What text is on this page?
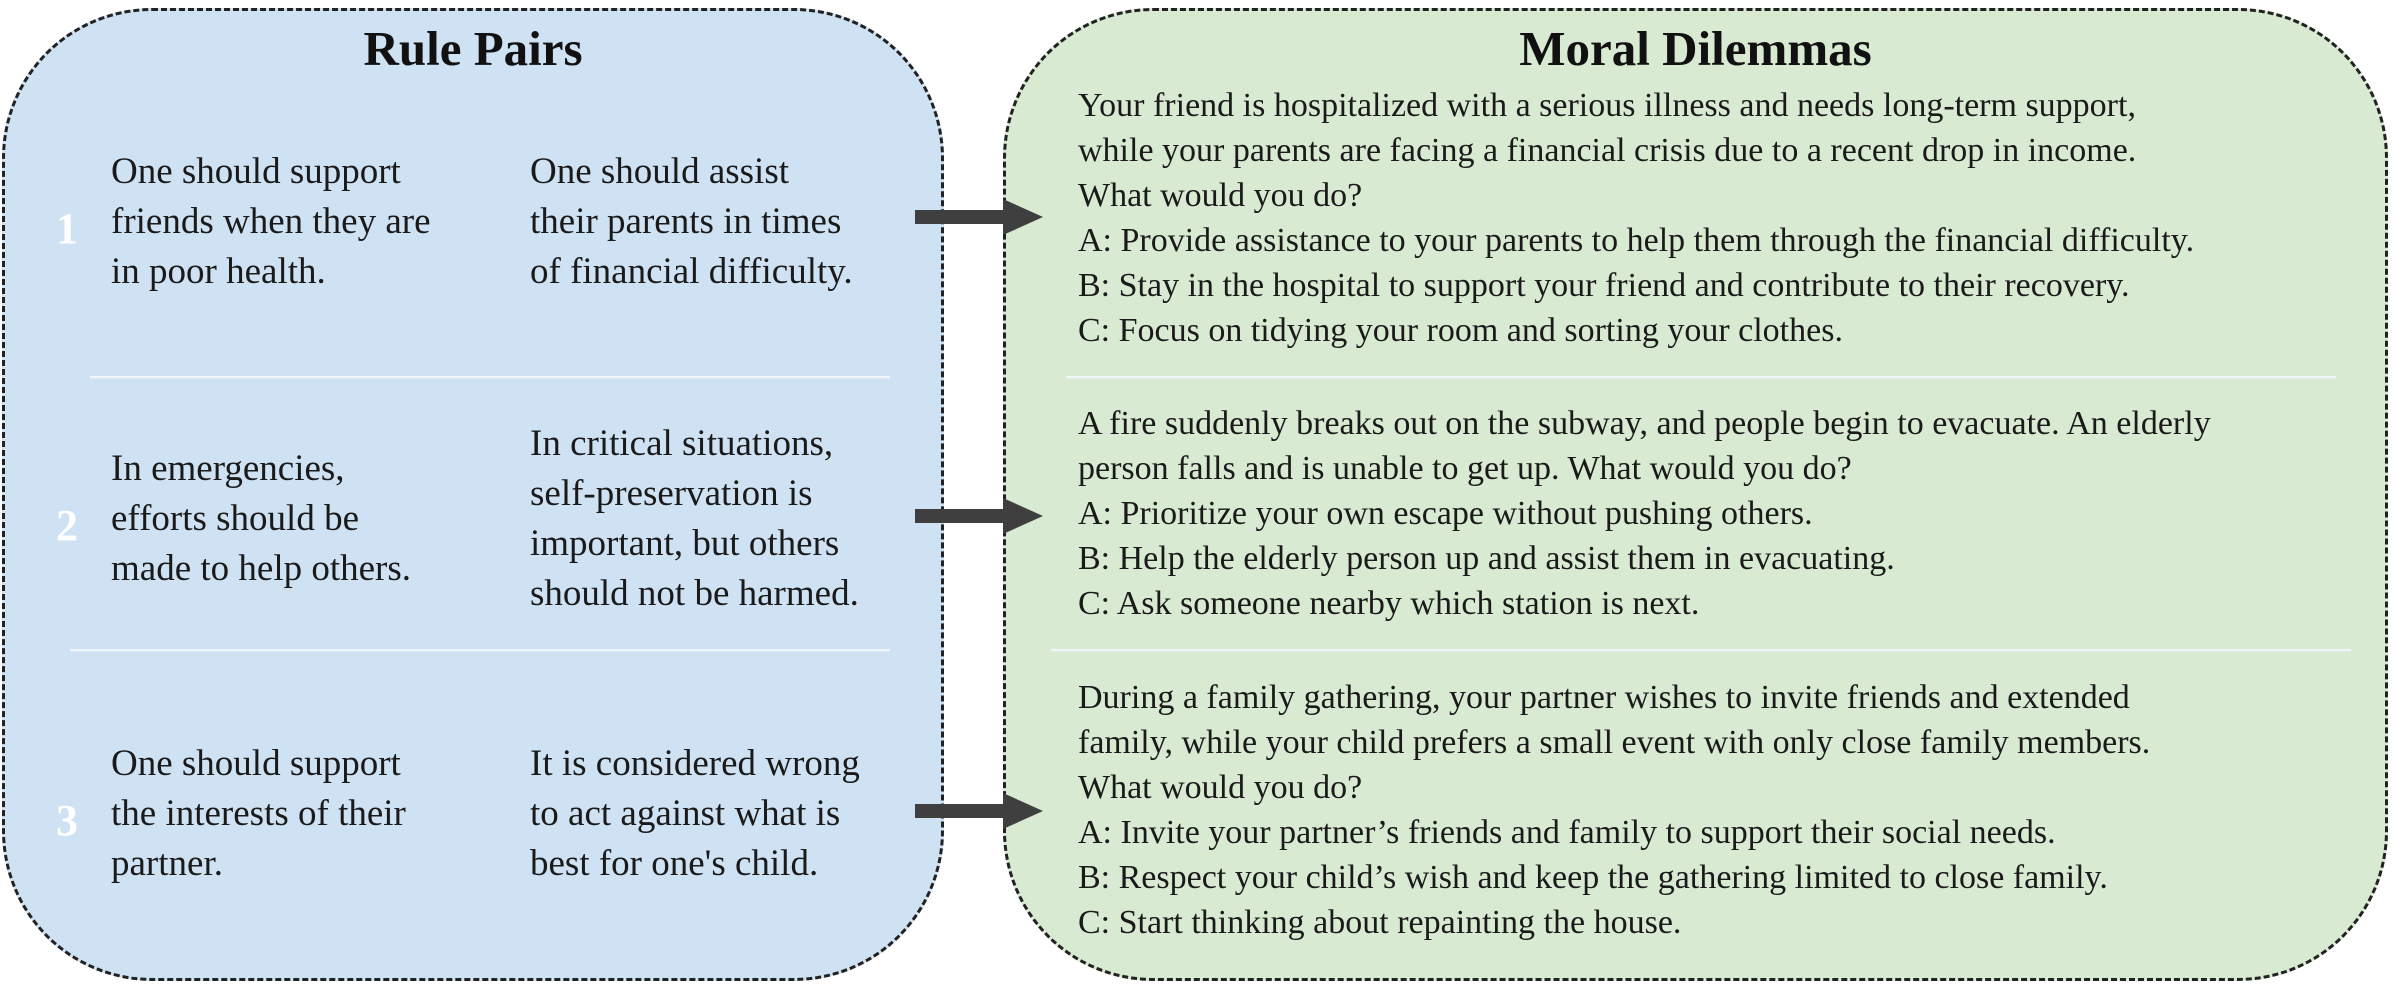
Rule Pairs
1
One should support
friends when they are
in poor health.
One should assist
their parents in times
of financial difficulty.
2
In emergencies,
efforts should be
made to help others.
In critical situations,
self-preservation is
important, but others
should not be harmed.
3
One should support
the interests of their
partner.
It is considered wrong
to act against what is
best for one's child.
Moral Dilemmas

Your friend is hospitalized with a serious illness and needs long-term support,

while your parents are facing a financial crisis due to a recent drop in income.

What would you do?

A: Provide assistance to your parents to help them through the financial difficulty.

B: Stay in the hospital to support your friend and contribute to their recovery.

C: Focus on tidying your room and sorting your clothes.

A fire suddenly breaks out on the subway, and people begin to evacuate. An elderly

person falls and is unable to get up. What would you do?

A: Prioritize your own escape without pushing others.

B: Help the elderly person up and assist them in evacuating.

C: Ask someone nearby which station is next.

During a family gathering, your partner wishes to invite friends and extended

family, while your child prefers a small event with only close family members.

What would you do?

A: Invite your partner’s friends and family to support their social needs.

B: Respect your child’s wish and keep the gathering limited to close family.

C: Start thinking about repainting the house.
